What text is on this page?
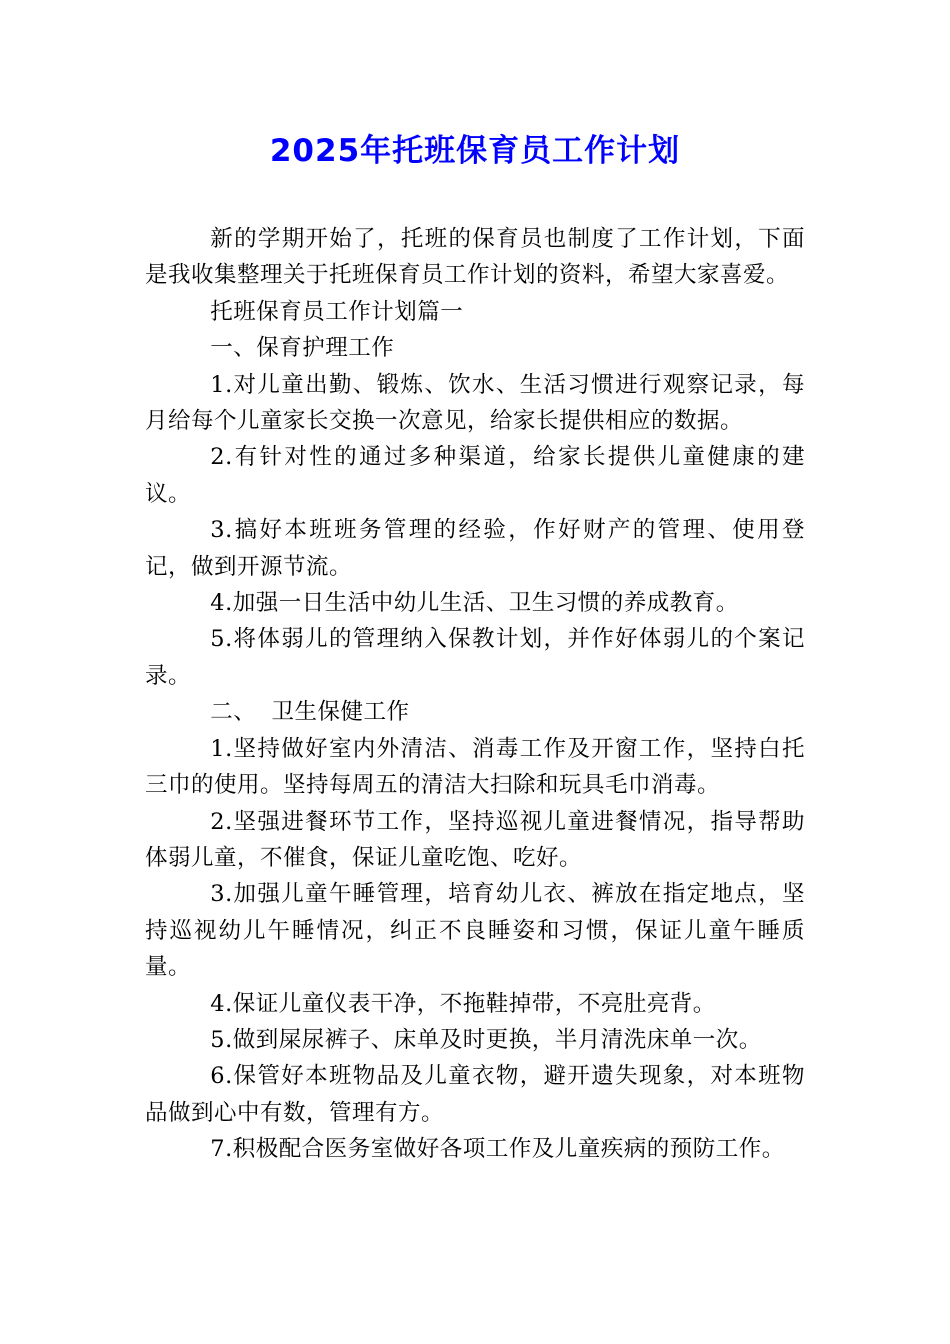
2025年托班保育员工作计划

新的学期开始了，托班的保育员也制度了工作计划，下面是我收集整理关于托班保育员工作计划的资料，希望大家喜爱。

托班保育员工作计划篇一

一、保育护理工作

1.对儿童出勤、锻炼、饮水、生活习惯进行观察记录，每月给每个儿童家长交换一次意见，给家长提供相应的数据。

2.有针对性的通过多种渠道，给家长提供儿童健康的建议。

3.搞好本班班务管理的经验，作好财产的管理、使用登记，做到开源节流。

4.加强一日生活中幼儿生活、卫生习惯的养成教育。

5.将体弱儿的管理纳入保教计划，并作好体弱儿的个案记录。

二、  卫生保健工作

1.坚持做好室内外清洁、消毒工作及开窗工作，坚持白托三巾的使用。坚持每周五的清洁大扫除和玩具毛巾消毒。

2.坚强进餐环节工作，坚持巡视儿童进餐情况，指导帮助体弱儿童，不催食，保证儿童吃饱、吃好。

3.加强儿童午睡管理，培育幼儿衣、裤放在指定地点，坚持巡视幼儿午睡情况，纠正不良睡姿和习惯，保证儿童午睡质量。

4.保证儿童仪表干净，不拖鞋掉带，不亮肚亮背。

5.做到屎尿裤子、床单及时更换，半月清洗床单一次。

6.保管好本班物品及儿童衣物，避开遗失现象，对本班物品做到心中有数，管理有方。

7.积极配合医务室做好各项工作及儿童疾病的预防工作。
